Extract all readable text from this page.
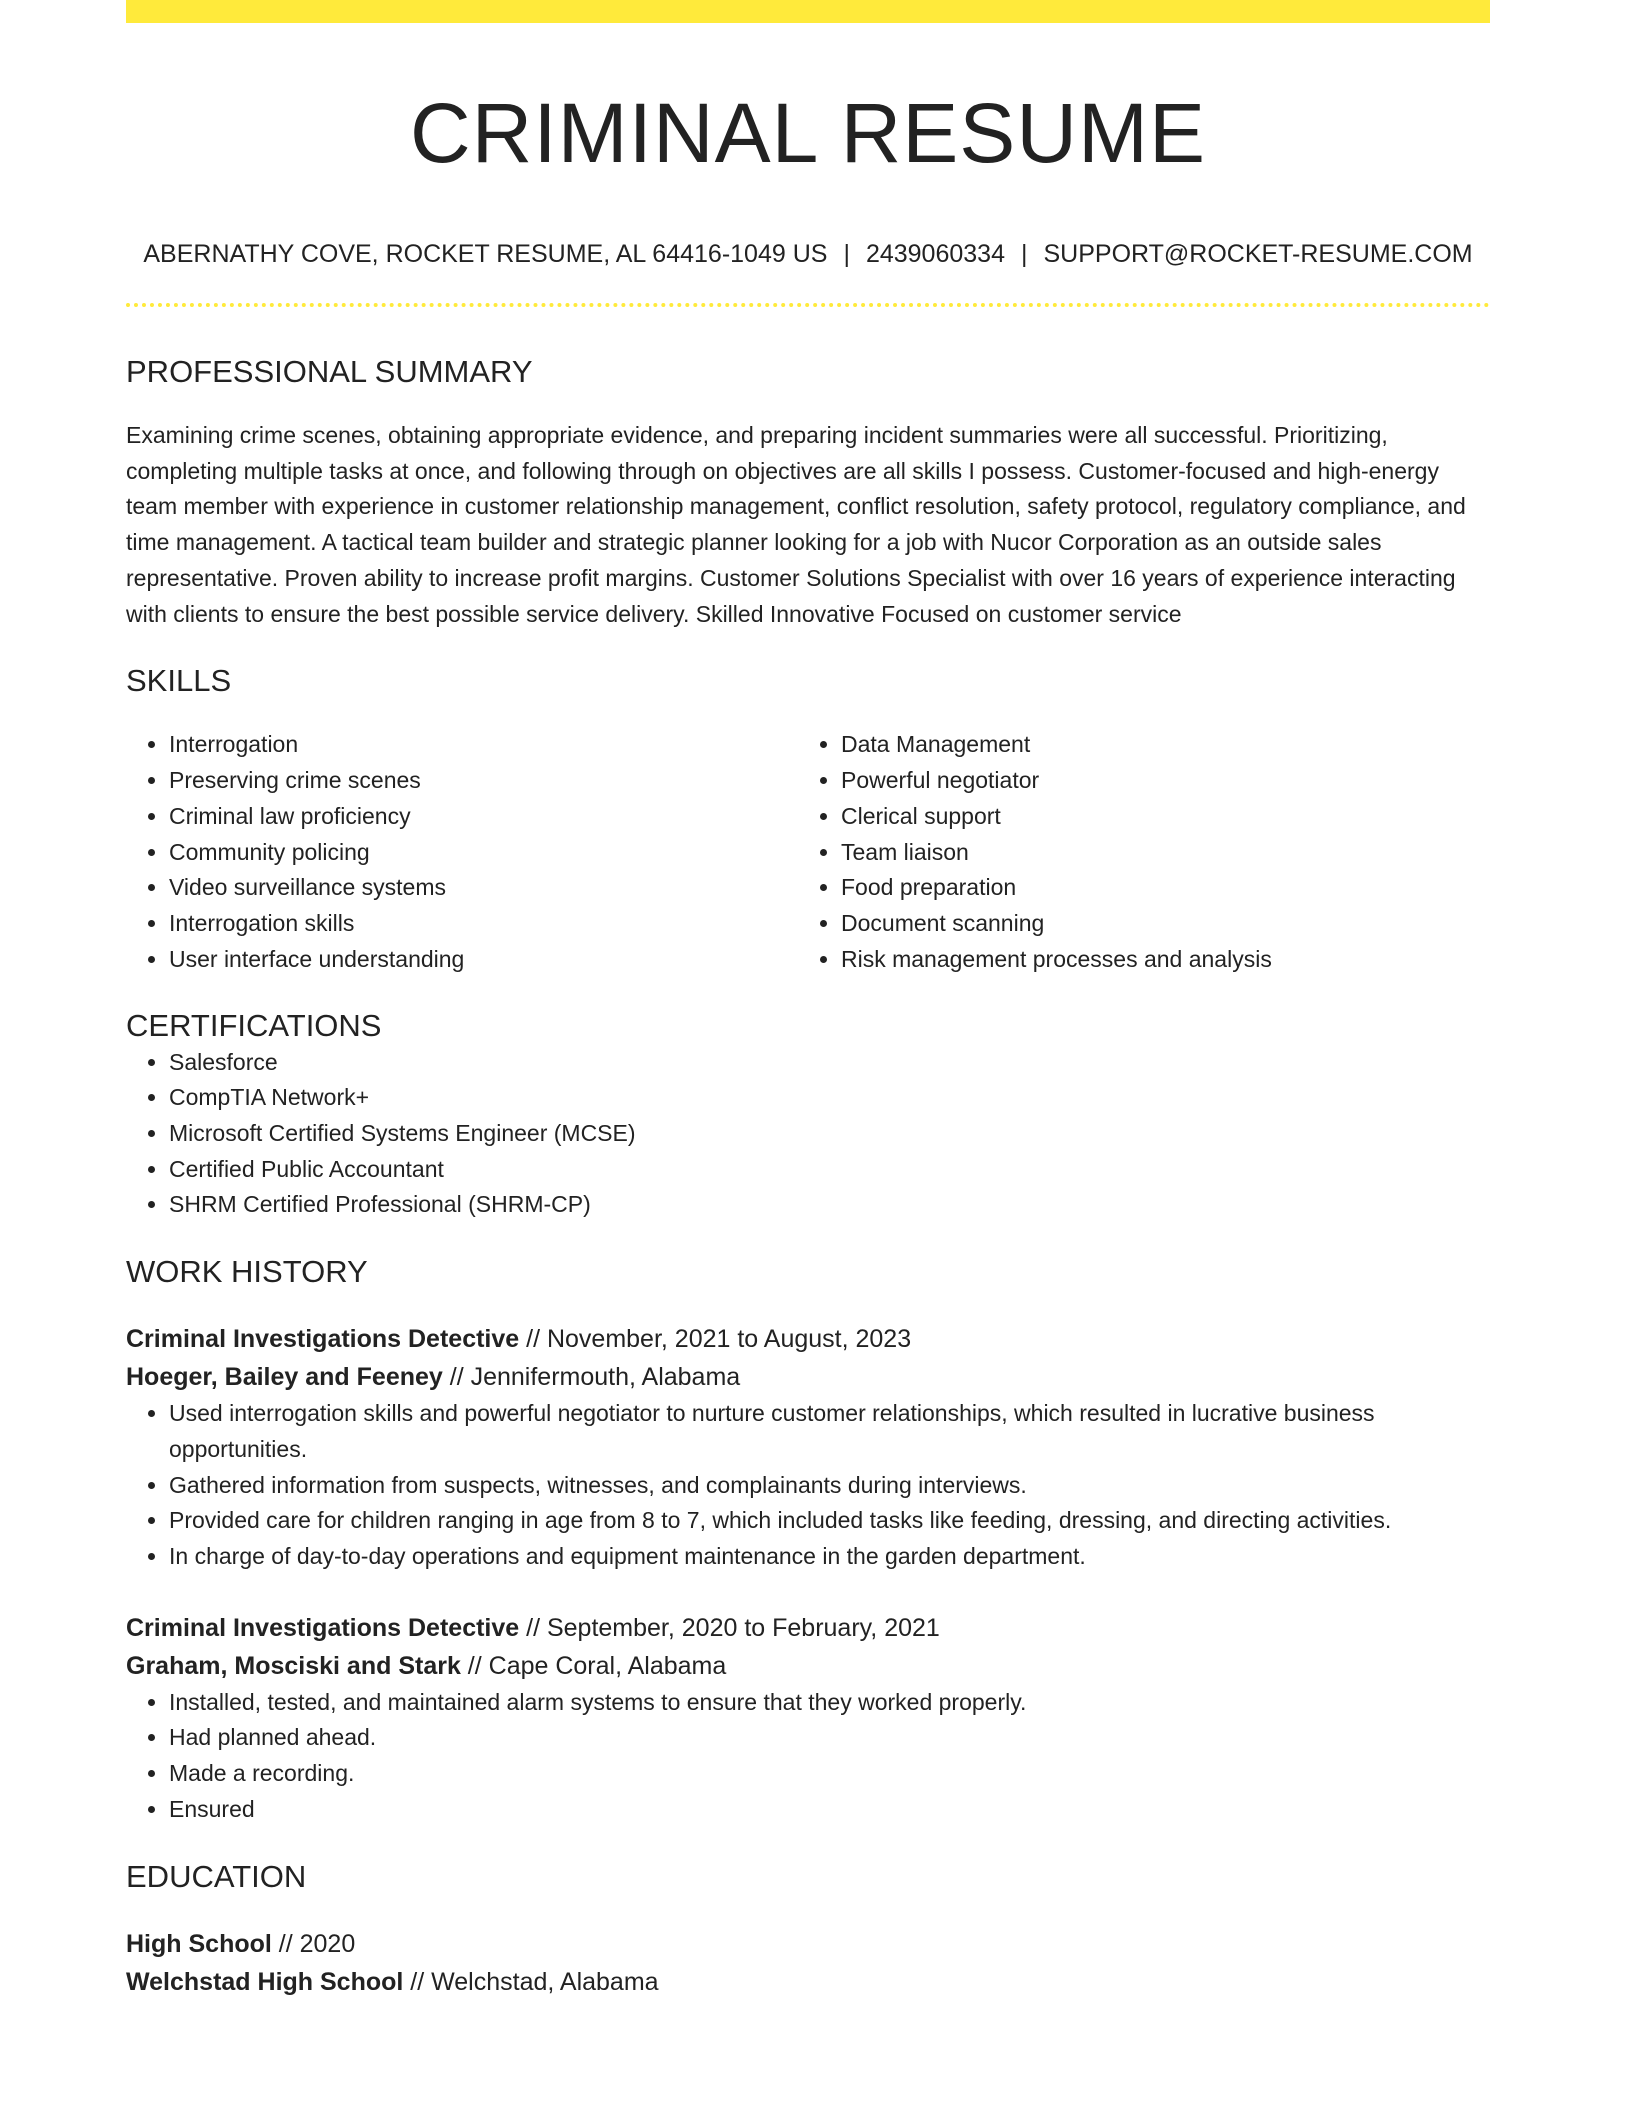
CRIMINAL RESUME
ABERNATHY COVE, ROCKET RESUME, AL 64416-1049 US | 2439060334 | SUPPORT@ROCKET-RESUME.COM
PROFESSIONAL SUMMARY

Examining crime scenes, obtaining appropriate evidence, and preparing incident summaries were all successful. Prioritizing, completing multiple tasks at once, and following through on objectives are all skills I possess. Customer-focused and high-energy team member with experience in customer relationship management, conflict resolution, safety protocol, regulatory compliance, and time management. A tactical team builder and strategic planner looking for a job with Nucor Corporation as an outside sales representative. Proven ability to increase profit margins. Customer Solutions Specialist with over 16 years of experience interacting with clients to ensure the best possible service delivery. Skilled Innovative Focused on customer service

SKILLS
• Interrogation
• Preserving crime scenes
• Criminal law proficiency
• Community policing
• Video surveillance systems
• Interrogation skills
• User interface understanding
• Data Management
• Powerful negotiator
• Clerical support
• Team liaison
• Food preparation
• Document scanning
• Risk management processes and analysis
CERTIFICATIONS
• Salesforce
• CompTIA Network+
• Microsoft Certified Systems Engineer (MCSE)
• Certified Public Accountant
• SHRM Certified Professional (SHRM-CP)
WORK HISTORY
Criminal Investigations Detective // November, 2021 to August, 2023
Hoeger, Bailey and Feeney // Jennifermouth, Alabama
• Used interrogation skills and powerful negotiator to nurture customer relationships, which resulted in lucrative business opportunities.
• Gathered information from suspects, witnesses, and complainants during interviews.
• Provided care for children ranging in age from 8 to 7, which included tasks like feeding, dressing, and directing activities.
• In charge of day-to-day operations and equipment maintenance in the garden department.
Criminal Investigations Detective // September, 2020 to February, 2021
Graham, Mosciski and Stark // Cape Coral, Alabama
• Installed, tested, and maintained alarm systems to ensure that they worked properly.
• Had planned ahead.
• Made a recording.
• Ensured
EDUCATION
High School // 2020
Welchstad High School // Welchstad, Alabama
